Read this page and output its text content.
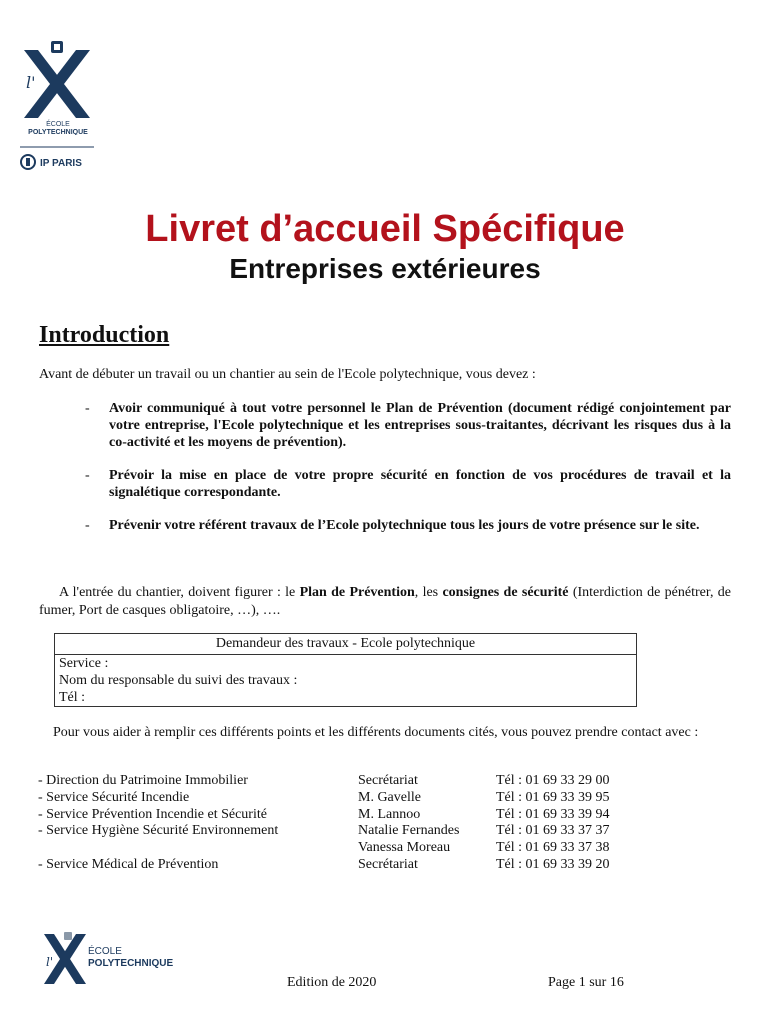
l'
ÉCOLE
POLYTECHNIQUE
IP PARIS
Livret d’accueil Spécifique
Entreprises extérieures
Introduction
Avant de débuter un travail ou un chantier au sein de l'Ecole polytechnique, vous devez :
- Avoir communiqué à tout votre personnel le Plan de Prévention (document rédigé conjointement par votre entreprise, l'Ecole polytechnique et les entreprises sous-traitantes, décrivant les risques dus à la co-activité et les moyens de prévention).
- Prévoir la mise en place de votre propre sécurité en fonction de vos procédures de travail et la signalétique correspondante.
- Prévenir votre référent travaux de l’Ecole polytechnique tous les jours de votre présence sur le site.
A l'entrée du chantier, doivent figurer : le Plan de Prévention, les consignes de sécurité (Interdiction de pénétrer, de fumer, Port de casques obligatoire, …), ….
Demandeur des travaux - Ecole polytechnique
Service :
Nom du responsable du suivi des travaux :
Tél :
Pour vous aider à remplir ces différents points et les différents documents cités, vous pouvez prendre contact avec :
- Direction du Patrimoine Immobilier
- Service Sécurité Incendie
- Service Prévention Incendie et Sécurité
- Service Hygiène Sécurité Environnement
- Service Médical de Prévention
Secrétariat
M. Gavelle
M. Lannoo
Natalie Fernandes
Vanessa Moreau
Secrétariat
Tél : 01 69 33 29 00
Tél : 01 69 33 39 95
Tél : 01 69 33 39 94
Tél : 01 69 33 37 37
Tél : 01 69 33 37 38
Tél : 01 69 33 39 20
l'
ÉCOLE
POLYTECHNIQUE
Edition de 2020	Page 1 sur 16
